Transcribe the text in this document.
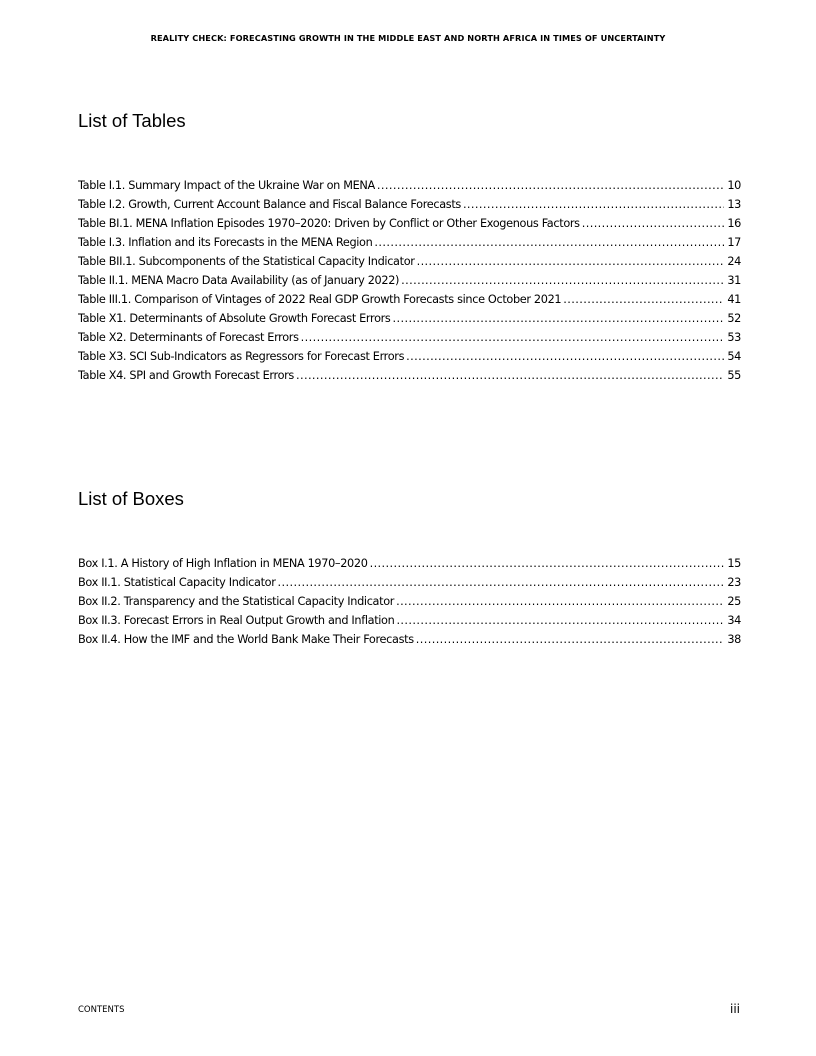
REALITY CHECK: FORECASTING GROWTH IN THE MIDDLE EAST AND NORTH AFRICA IN TIMES OF UNCERTAINTY
List of Tables
Table I.1. Summary Impact of the Ukraine War on MENA .....	10
Table I.2. Growth, Current Account Balance and Fiscal Balance Forecasts .....	13
Table BI.1. MENA Inflation Episodes 1970–2020: Driven by Conflict or Other Exogenous Factors .....	16
Table I.3. Inflation and its Forecasts in the MENA Region .....	17
Table BII.1. Subcomponents of the Statistical Capacity Indicator .....	24
Table II.1. MENA Macro Data Availability (as of January 2022) .....	31
Table III.1. Comparison of Vintages of 2022 Real GDP Growth Forecasts since October 2021 .....	41
Table X1. Determinants of Absolute Growth Forecast Errors .....	52
Table X2. Determinants of Forecast Errors .....	53
Table X3. SCI Sub-Indicators as Regressors for Forecast Errors .....	54
Table X4. SPI and Growth Forecast Errors .....	55
List of Boxes
Box I.1. A History of High Inflation in MENA 1970–2020 .....	15
Box II.1. Statistical Capacity Indicator .....	23
Box II.2. Transparency and the Statistical Capacity Indicator .....	25
Box II.3. Forecast Errors in Real Output Growth and Inflation .....	34
Box II.4. How the IMF and the World Bank Make Their Forecasts .....	38
CONTENTS	iii
